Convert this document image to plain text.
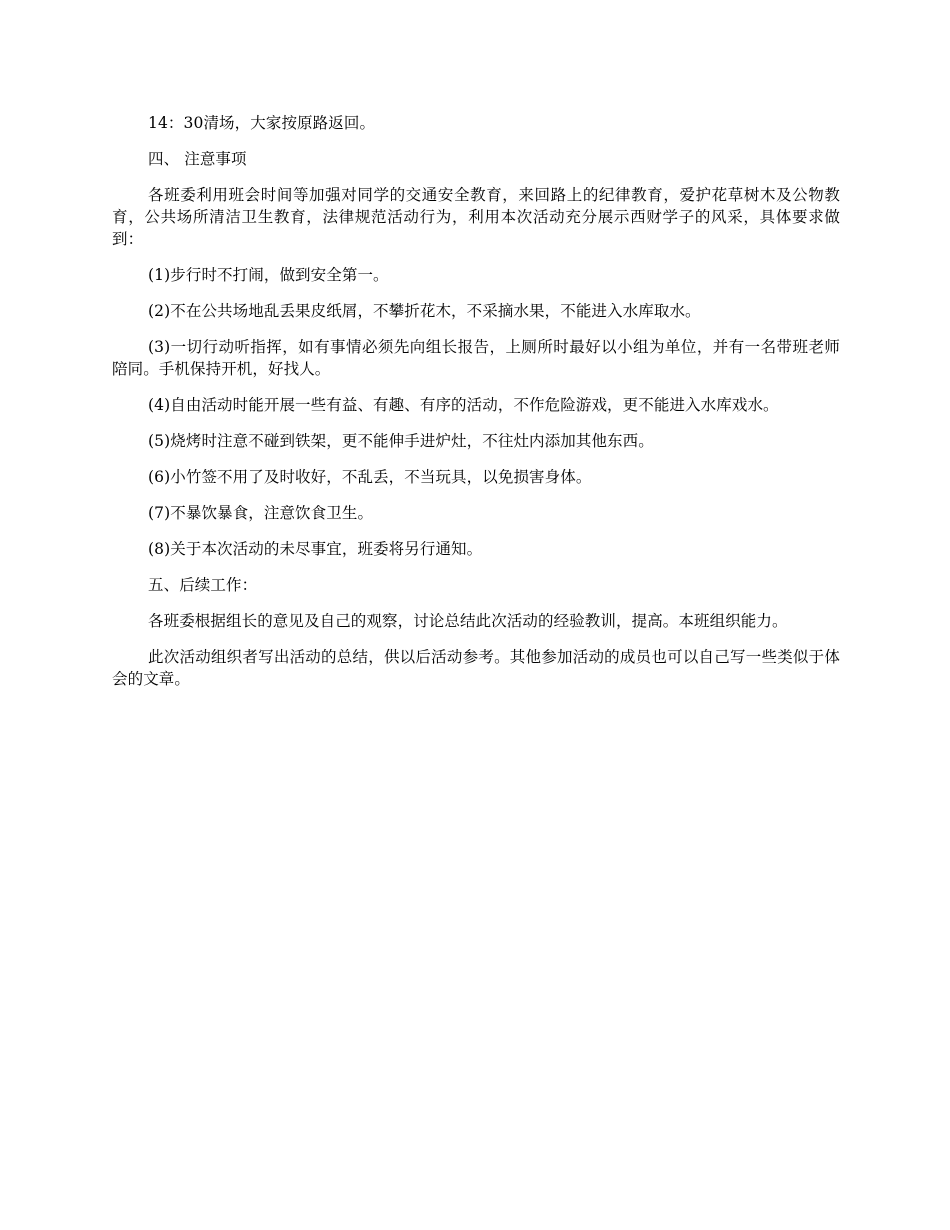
14：30清场，大家按原路返回。

四、 注意事项

各班委利用班会时间等加强对同学的交通安全教育，来回路上的纪律教育，爱护花草树木及公物教育，公共场所清洁卫生教育，法律规范活动行为，利用本次活动充分展示西财学子的风采，具体要求做到：

(1)步行时不打闹，做到安全第一。

(2)不在公共场地乱丢果皮纸屑，不攀折花木，不采摘水果，不能进入水库取水。

(3)一切行动听指挥，如有事情必须先向组长报告，上厕所时最好以小组为单位，并有一名带班老师陪同。手机保持开机，好找人。

(4)自由活动时能开展一些有益、有趣、有序的活动，不作危险游戏，更不能进入水库戏水。

(5)烧烤时注意不碰到铁架，更不能伸手进炉灶，不往灶内添加其他东西。

(6)小竹签不用了及时收好，不乱丢，不当玩具，以免损害身体。

(7)不暴饮暴食，注意饮食卫生。

(8)关于本次活动的未尽事宜，班委将另行通知。

五、后续工作：

各班委根据组长的意见及自己的观察，讨论总结此次活动的经验教训，提高。本班组织能力。

此次活动组织者写出活动的总结，供以后活动参考。其他参加活动的成员也可以自己写一些类似于体会的文章。
